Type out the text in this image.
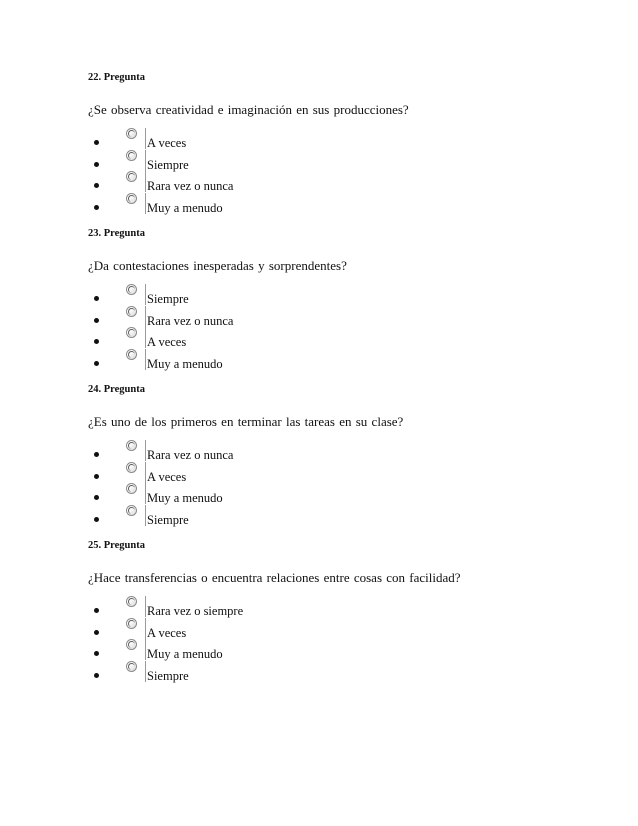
22. Pregunta

¿Se observa creatividad e imaginación en sus producciones?

A veces
Siempre
Rara vez o nunca
Muy a menudo

23. Pregunta

¿Da contestaciones inesperadas y sorprendentes?

Siempre
Rara vez o nunca
A veces
Muy a menudo

24. Pregunta

¿Es uno de los primeros en terminar las tareas en su clase?

Rara vez o nunca
A veces
Muy a menudo
Siempre

25. Pregunta

¿Hace transferencias o encuentra relaciones entre cosas con facilidad?

Rara vez o siempre
A veces
Muy a menudo
Siempre
